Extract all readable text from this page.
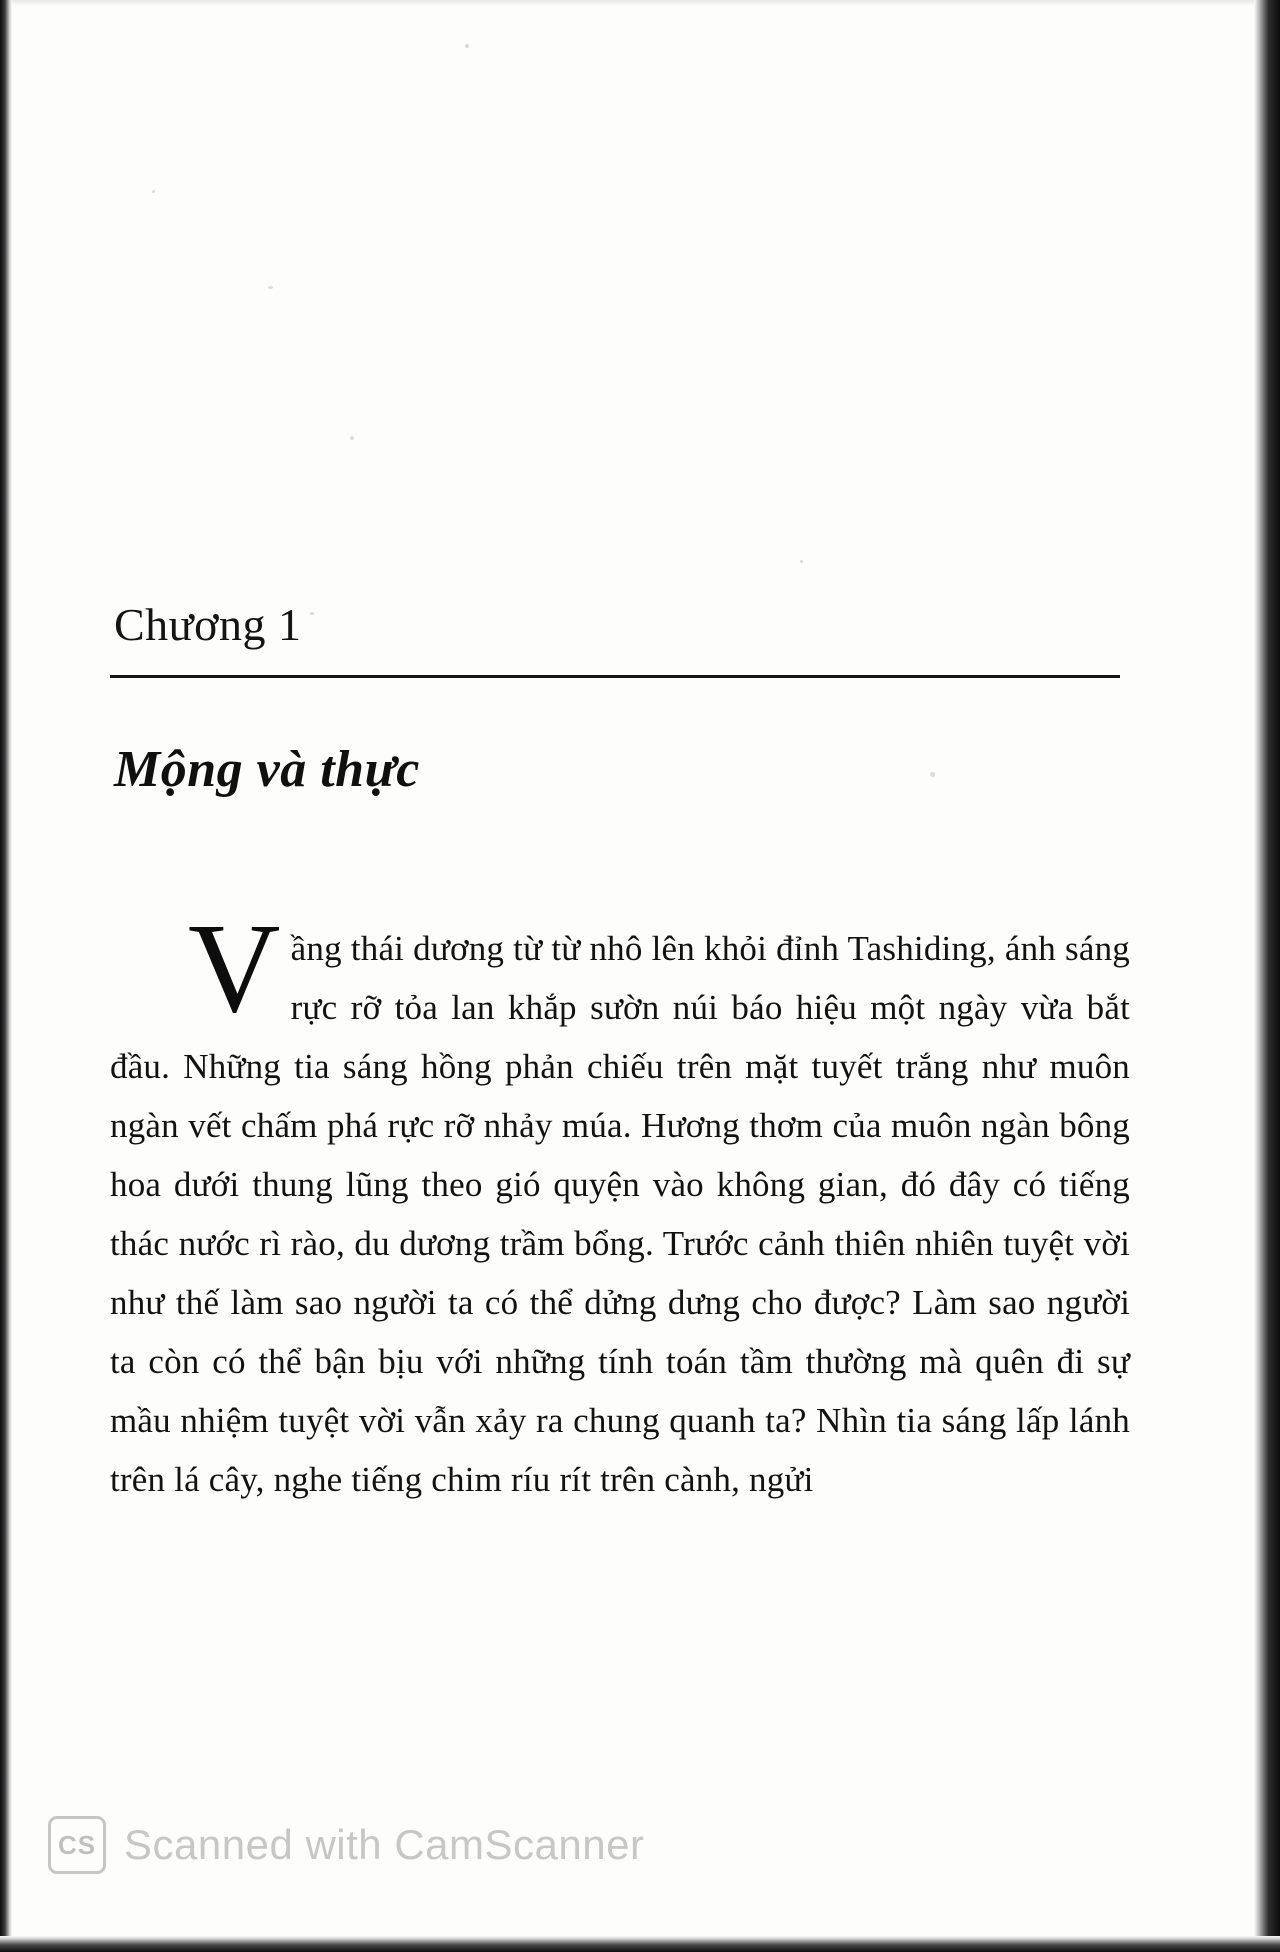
Chương 1
Mộng và thực
V ầng thái dương từ từ nhô lên khỏi đỉnh Tashiding, ánh sáng rực rỡ tỏa lan khắp sườn núi báo hiệu một ngày vừa bắt đầu. Những tia sáng hồng phản chiếu trên mặt tuyết trắng như muôn ngàn vết chấm phá rực rỡ nhảy múa. Hương thơm của muôn ngàn bông hoa dưới thung lũng theo gió quyện vào không gian, đó đây có tiếng thác nước rì rào, du dương trầm bổng. Trước cảnh thiên nhiên tuyệt vời như thế làm sao người ta có thể dửng dưng cho được? Làm sao người ta còn có thể bận bịu với những tính toán tầm thường mà quên đi sự mầu nhiệm tuyệt vời vẫn xảy ra chung quanh ta? Nhìn tia sáng lấp lánh trên lá cây, nghe tiếng chim ríu rít trên cành, ngửi
CS Scanned with CamScanner
